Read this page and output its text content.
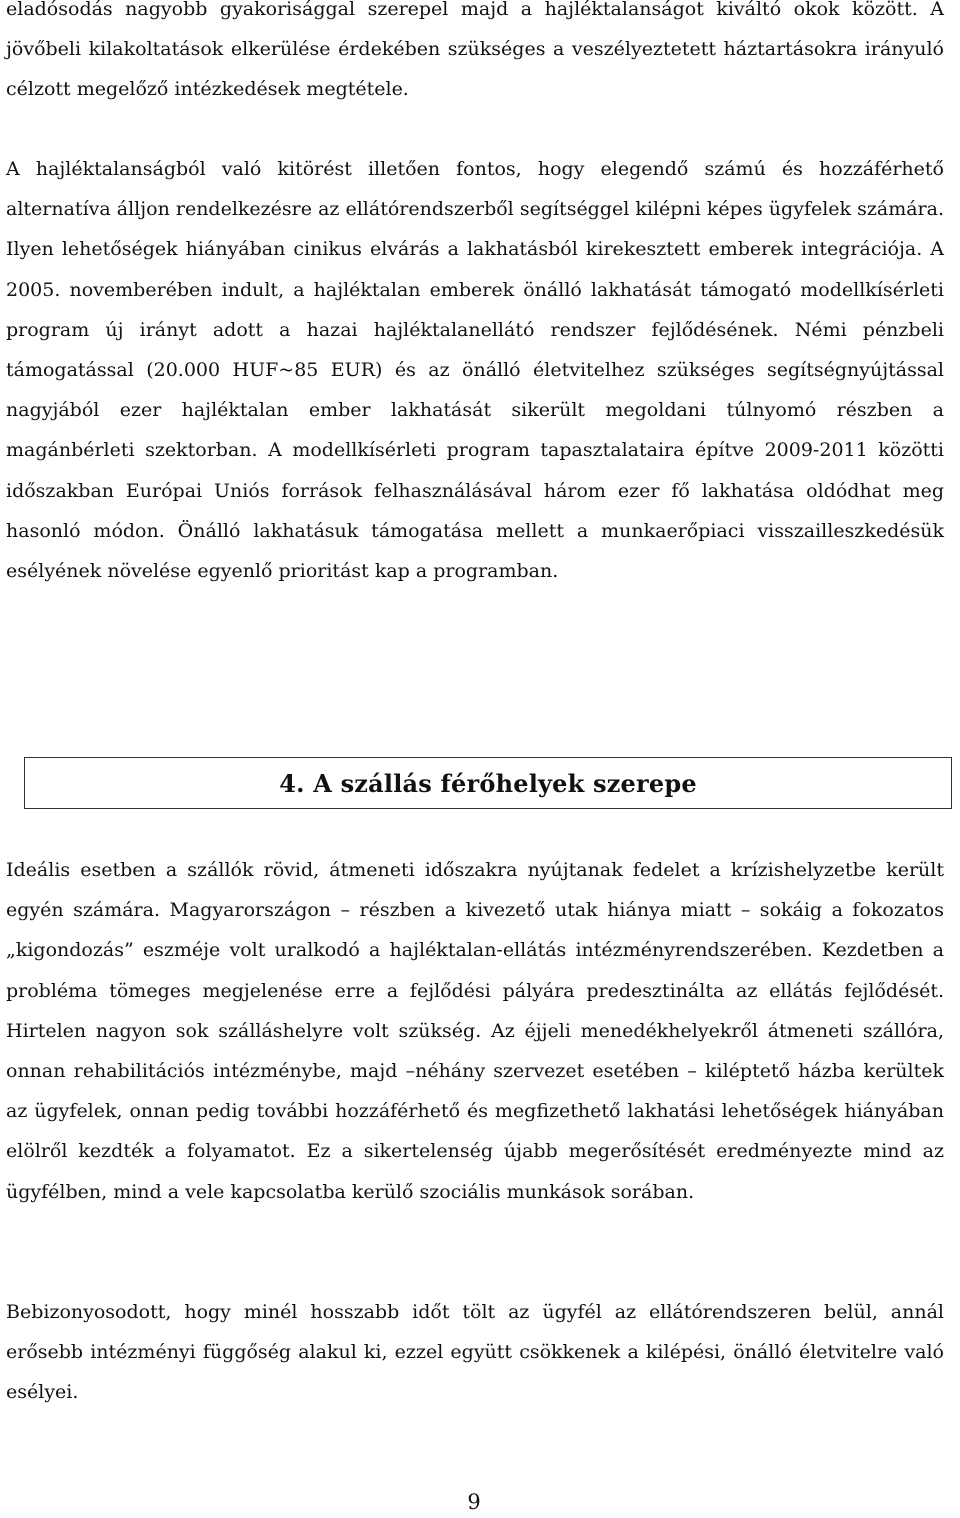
eladósodás nagyobb gyakorisággal szerepel majd a hajléktalanságot kiváltó okok között. A jövőbeli kilakoltatások elkerülése érdekében szükséges a veszélyeztetett háztartásokra irányuló célzott megelőző intézkedések megtétele.

A hajléktalanságból való kitörést illetően fontos, hogy elegendő számú és hozzáférhető alternatíva álljon rendelkezésre az ellátórendszerből segítséggel kilépni képes ügyfelek számára. Ilyen lehetőségek hiányában cinikus elvárás a lakhatásból kirekesztett emberek integrációja. A 2005. novemberében indult, a hajléktalan emberek önálló lakhatását támogató modellkísérleti program új irányt adott a hazai hajléktalanellátó rendszer fejlődésének. Némi pénzbeli támogatással (20.000 HUF~85 EUR) és az önálló életvitelhez szükséges segítségnyújtással nagyjából ezer hajléktalan ember lakhatását sikerült megoldani túlnyomó részben a magánbérleti szektorban. A modellkísérleti program tapasztalataira építve 2009-2011 közötti időszakban Európai Uniós források felhasználásával három ezer fő lakhatása oldódhat meg hasonló módon. Önálló lakhatásuk támogatása mellett a munkaerőpiaci visszailleszkedésük esélyének növelése egyenlő prioritást kap a programban.

Ideális esetben a szállók rövid, átmeneti időszakra nyújtanak fedelet a krízishelyzetbe került egyén számára. Magyarországon – részben a kivezető utak hiánya miatt – sokáig a fokozatos „kigondozás” eszméje volt uralkodó a hajléktalan-ellátás intézményrendszerében. Kezdetben a probléma tömeges megjelenése erre a fejlődési pályára predesztinálta az ellátás fejlődését. Hirtelen nagyon sok szálláshelyre volt szükség. Az éjjeli menedékhelyekről átmeneti szállóra, onnan rehabilitációs intézménybe, majd –néhány szervezet esetében – kiléptető házba kerültek az ügyfelek, onnan pedig további hozzáférhető és megfizethető lakhatási lehetőségek hiányában elölről kezdték a folyamatot. Ez a sikertelenség újabb megerősítését eredményezte mind az ügyfélben, mind a vele kapcsolatba kerülő szociális munkások sorában.

Bebizonyosodott, hogy minél hosszabb időt tölt az ügyfél az ellátórendszeren belül, annál erősebb intézményi függőség alakul ki, ezzel együtt csökkenek a kilépési, önálló életvitelre való esélyei.

4. A szállás férőhelyek szerepe
9
